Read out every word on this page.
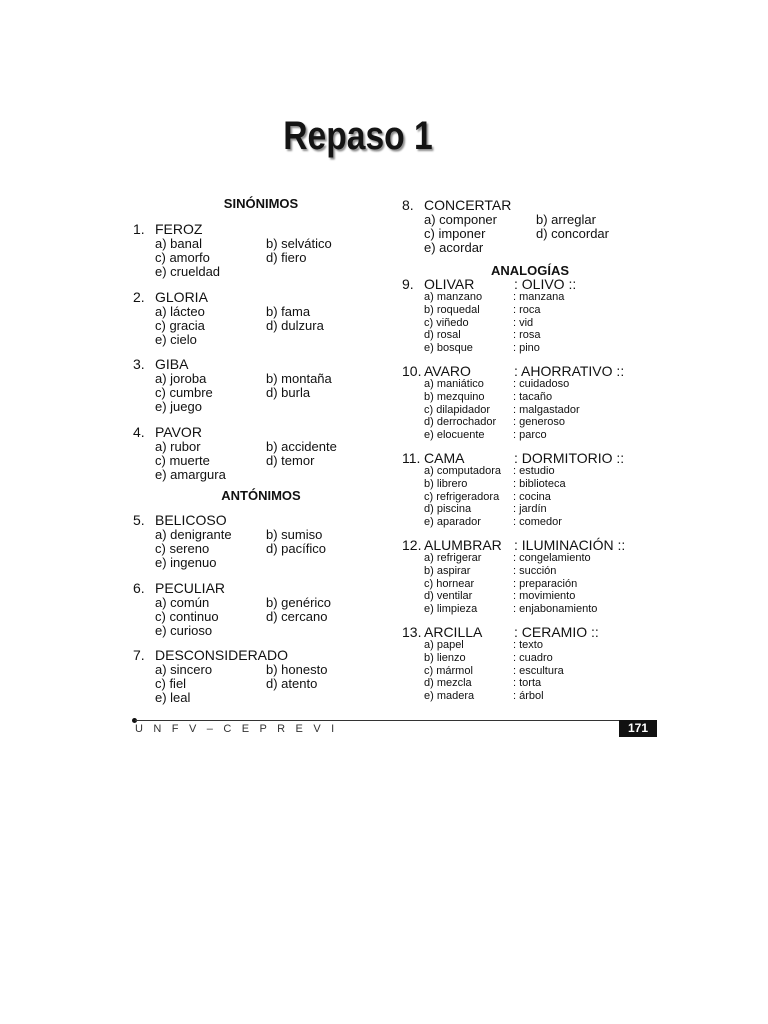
Repaso 1
SINÓNIMOS
1. FEROZ
a) banal	b) selvático
c) amorfo	d) fiero
e) crueldad
2. GLORIA
a) lácteo	b) fama
c) gracia	d) dulzura
e) cielo
3. GIBA
a) joroba	b) montaña
c) cumbre	d) burla
e) juego
4. PAVOR
a) rubor	b) accidente
c) muerte	d) temor
e) amargura
ANTÓNIMOS
5. BELICOSO
a) denigrante	b) sumiso
c) sereno	d) pacífico
e) ingenuo
6. PECULIAR
a) común	b) genérico
c) continuo	d) cercano
e) curioso
7. DESCONSIDERADO
a) sincero	b) honesto
c) fiel	d) atento
e) leal
8. CONCERTAR
a) componer	b) arreglar
c) imponer	d) concordar
e) acordar
ANALOGÍAS
9. OLIVAR	: OLIVO ::
a) manzano	: manzana
b) roquedal	: roca
c) viñedo	: vid
d) rosal	: rosa
e) bosque	: pino
10. AVARO	: AHORRATIVO ::
a) maniático	: cuidadoso
b) mezquino	: tacaño
c) dilapidador	: malgastador
d) derrochador	: generoso
e) elocuente	: parco
11. CAMA	: DORMITORIO ::
a) computadora	: estudio
b) librero	: biblioteca
c) refrigeradora	: cocina
d) piscina	: jardín
e) aparador	: comedor
12. ALUMBRAR : ILUMINACIÓN ::
a) refrigerar	: congelamiento
b) aspirar	: succión
c) hornear	: preparación
d) ventilar	: movimiento
e) limpieza	: enjabonamiento
13. ARCILLA	: CERAMIO ::
a) papel	: texto
b) lienzo	: cuadro
c) mármol	: escultura
d) mezcla	: torta
e) madera	: árbol
U N F V – C E P R E V I	171
